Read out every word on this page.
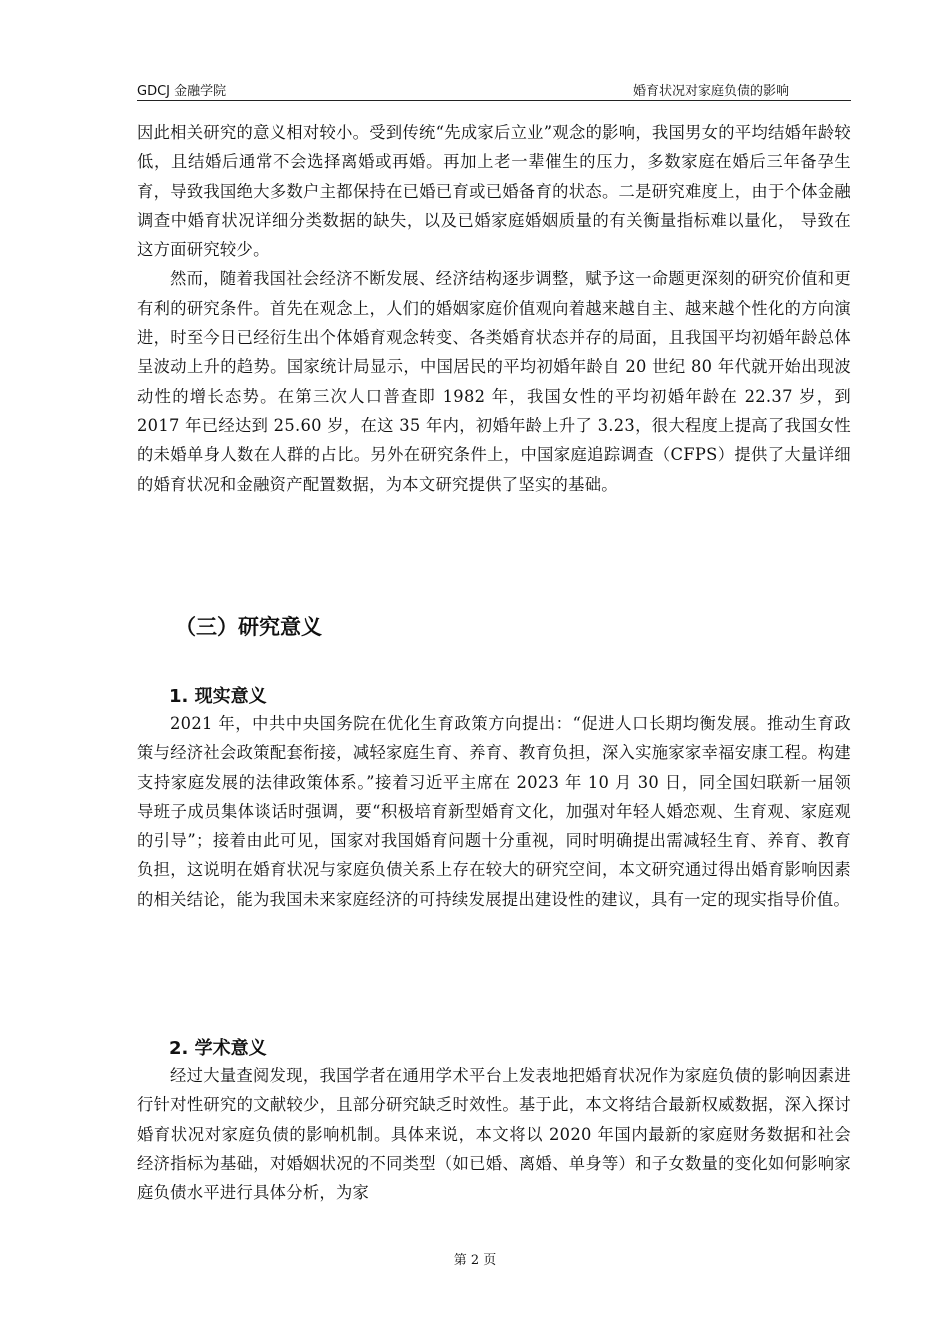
GDCJ 金融学院	婚育状况对家庭负债的影响

因此相关研究的意义相对较小。受到传统“先成家后立业”观念的影响，我国男女的平均结婚年龄较低，且结婚后通常不会选择离婚或再婚。再加上老一辈催生的压力，多数家庭在婚后三年备孕生育，导致我国绝大多数户主都保持在已婚已育或已婚备育的状态。二是研究难度上，由于个体金融调查中婚育状况详细分类数据的缺失，以及已婚家庭婚姻质量的有关衡量指标难以量化， 导致在这方面研究较少。

然而，随着我国社会经济不断发展、经济结构逐步调整，赋予这一命题更深刻的研究价值和更有利的研究条件。首先在观念上，人们的婚姻家庭价值观向着越来越自主、越来越个性化的方向演进，时至今日已经衍生出个体婚育观念转变、各类婚育状态并存的局面，且我国平均初婚年龄总体呈波动上升的趋势。国家统计局显示，中国居民的平均初婚年龄自 20 世纪 80 年代就开始出现波动性的增长态势。在第三次人口普查即 1982 年，我国女性的平均初婚年龄在 22.37 岁，到 2017 年已经达到 25.60 岁，在这 35 年内，初婚年龄上升了 3.23，很大程度上提高了我国女性的未婚单身人数在人群的占比。另外在研究条件上，中国家庭追踪调查（CFPS）提供了大量详细的婚育状况和金融资产配置数据，为本文研究提供了坚实的基础。

（三）研究意义
1. 现实意义

2021 年，中共中央国务院在优化生育政策方向提出：“促进人口长期均衡发展。推动生育政策与经济社会政策配套衔接，减轻家庭生育、养育、教育负担，深入实施家家幸福安康工程。构建支持家庭发展的法律政策体系。”接着习近平主席在 2023 年 10 月 30 日，同全国妇联新一届领导班子成员集体谈话时强调，要“积极培育新型婚育文化，加强对年轻人婚恋观、生育观、家庭观的引导”；接着由此可见，国家对我国婚育问题十分重视，同时明确提出需减轻生育、养育、教育负担，这说明在婚育状况与家庭负债关系上存在较大的研究空间，本文研究通过得出婚育影响因素的相关结论，能为我国未来家庭经济的可持续发展提出建设性的建议，具有一定的现实指导价值。

2. 学术意义

经过大量查阅发现，我国学者在通用学术平台上发表地把婚育状况作为家庭负债的影响因素进行针对性研究的文献较少，且部分研究缺乏时效性。基于此，本文将结合最新权威数据，深入探讨婚育状况对家庭负债的影响机制。具体来说，本文将以 2020 年国内最新的家庭财务数据和社会经济指标为基础，对婚姻状况的不同类型（如已婚、离婚、单身等）和子女数量的变化如何影响家庭负债水平进行具体分析，为家

第 2 页
